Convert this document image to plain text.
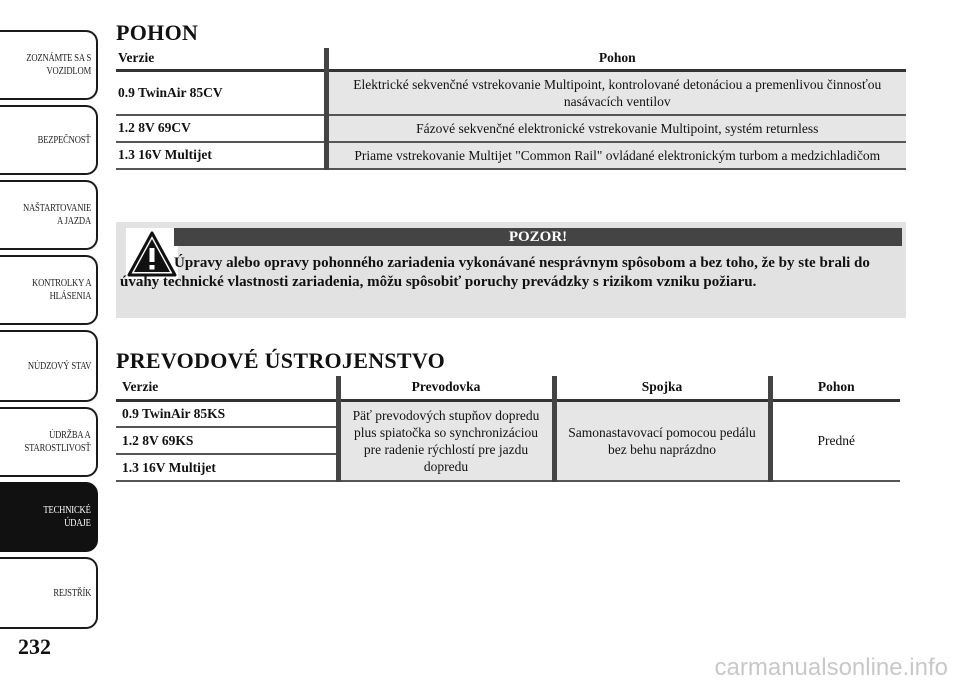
ZOZNÁMTE SA S
VOZIDLOM
BEZPEČNOSŤ
NAŠTARTOVANIE
A JAZDA
KONTROLKY A
HLÁSENIA
NÚDZOVÝ STAV
ÚDRŽBA A
STAROSTLIVOSŤ
TECHNICKÉ
ÚDAJE
REJSTŘÍK
232
POHON
Verzie	Pohon
0.9 TwinAir 85CV	Elektrické sekvenčné vstrekovanie Multipoint, kontrolované detonáciou a premenlivou činnosťou nasávacích ventilov
1.2 8V 69CV	Fázové sekvenčné elektronické vstrekovanie Multipoint, systém returnless
1.3 16V Multijet	Priame vstrekovanie Multijet "Common Rail" ovládané elektronickým turbom a medzichladičom
POZOR!
Úpravy alebo opravy pohonného zariadenia vykonávané nesprávnym spôsobom a bez toho, že by ste brali do úvahy technické vlastnosti zariadenia, môžu spôsobiť poruchy prevádzky s rizikom vzniku požiaru.
PREVODOVÉ ÚSTROJENSTVO
Verzie	Prevodovka	Spojka	Pohon
0.9 TwinAir 85KS	Päť prevodových stupňov dopredu plus spiatočka so synchronizáciou pre radenie rýchlostí pre jazdu dopredu	Samonastavovací pomocou pedálu bez behu naprázdno	Predné
1.2 8V 69KS			
1.3 16V Multijet			
carmanualsonline.info
